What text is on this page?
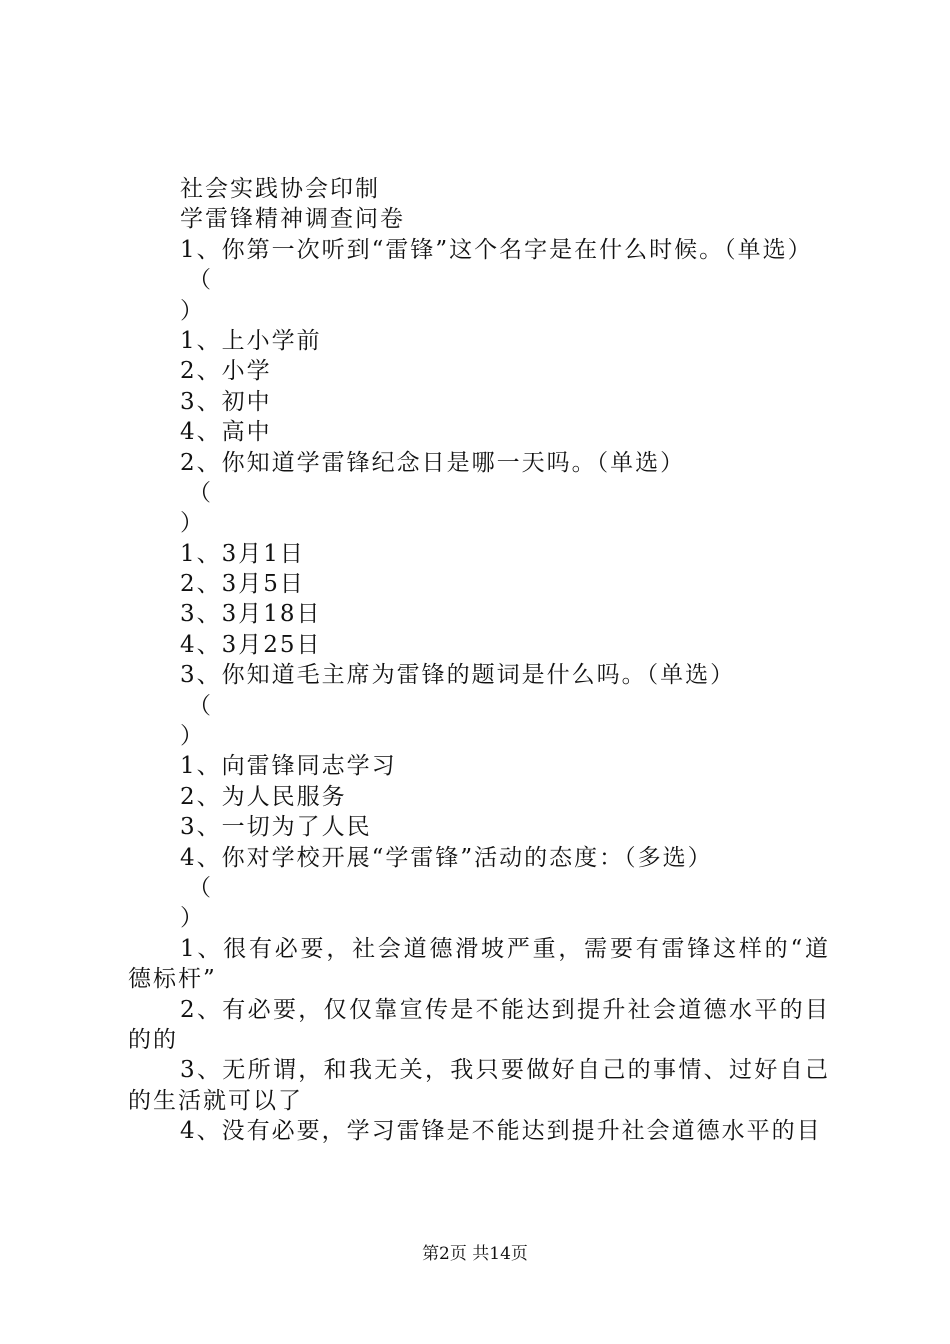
社会实践协会印制
学雷锋精神调查问卷
1、你第一次听到“雷锋”这个名字是在什么时候。（单选）
（
）
1、上小学前
2、小学
3、初中
4、高中
2、你知道学雷锋纪念日是哪一天吗。（单选）
（
）
1、3月1日
2、3月5日
3、3月18日
4、3月25日
3、你知道毛主席为雷锋的题词是什么吗。（单选）
（
）
1、向雷锋同志学习
2、为人民服务
3、一切为了人民
4、你对学校开展“学雷锋”活动的态度：（多选）
（
）
1、很有必要，社会道德滑坡严重，需要有雷锋这样的“道德标杆”
2、有必要，仅仅靠宣传是不能达到提升社会道德水平的目的的
3、无所谓，和我无关，我只要做好自己的事情、过好自己的生活就可以了
4、没有必要，学习雷锋是不能达到提升社会道德水平的目
第2页 共14页
